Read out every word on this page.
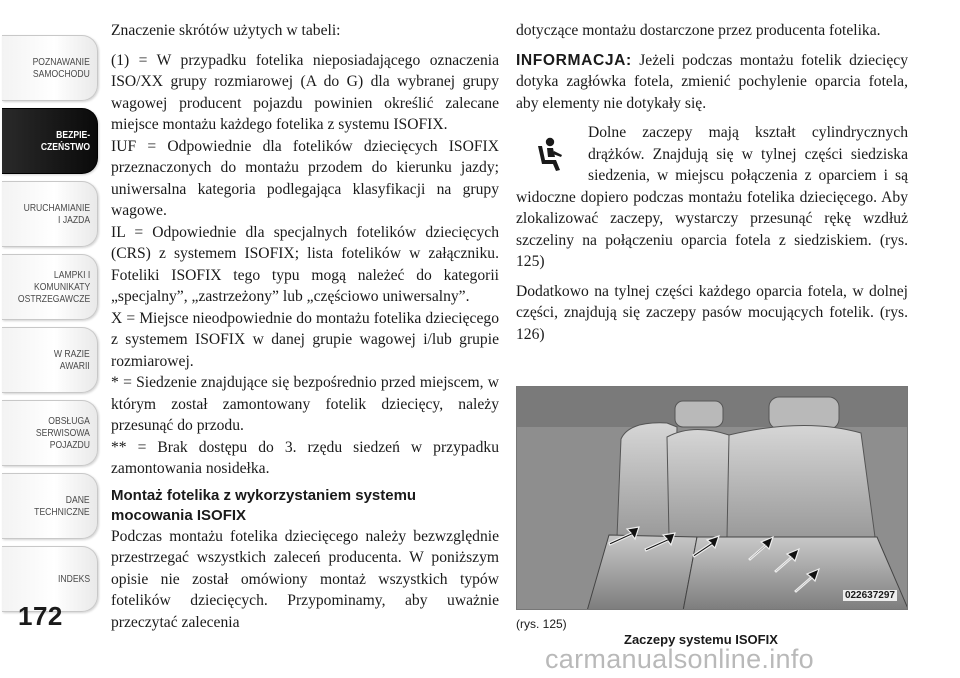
POZNAWANIE
SAMOCHODU
BEZPIE-
CZEŃSTWO
URUCHAMIANIE
I JAZDA
LAMPKI I
KOMUNIKATY
OSTRZEGAWCZE
W RAZIE
AWARII
OBSŁUGA
SERWISOWA
POJAZDU
DANE
TECHNICZNE
INDEKS
172

Znaczenie skrótów użytych w tabeli:

(1) = W przypadku fotelika nieposiadającego oznaczenia ISO/XX grupy rozmiarowej (A do G) dla wybranej grupy wagowej producent pojazdu powinien określić zalecane miejsce montażu każdego fotelika z systemu ISOFIX.

IUF = Odpowiednie dla fotelików dziecięcych ISOFIX przeznaczonych do montażu przodem do kierunku jazdy; uniwersalna kategoria podlegająca klasyfikacji na grupy wagowe.

IL = Odpowiednie dla specjalnych fotelików dziecięcych (CRS) z systemem ISOFIX; lista fotelików w załączniku. Foteliki ISOFIX tego typu mogą należeć do kategorii „specjalny”, „zastrzeżony” lub „częściowo uniwersalny”.

X = Miejsce nieodpowiednie do montażu fotelika dziecięcego z systemem ISOFIX w danej grupie wagowej i/lub grupie rozmiarowej.

* = Siedzenie znajdujące się bezpośrednio przed miejscem, w którym został zamontowany fotelik dziecięcy, należy przesunąć do przodu.

** = Brak dostępu do 3. rzędu siedzeń w przypadku zamontowania nosidełka.

Montaż fotelika z wykorzystaniem systemu mocowania ISOFIX

Podczas montażu fotelika dziecięcego należy bezwzględnie przestrzegać wszystkich zaleceń producenta. W poniższym opisie nie został omówiony montaż wszystkich typów fotelików dziecięcych. Przypominamy, aby uważnie przeczytać zalecenia

dotyczące montażu dostarczone przez producenta fotelika.

INFORMACJA: Jeżeli podczas montażu fotelik dziecięcy dotyka zagłówka fotela, zmienić pochylenie oparcia fotela, aby elementy nie dotykały się.

Dolne zaczepy mają kształt cylindrycznych drążków. Znajdują się w tylnej części siedziska siedzenia, w miejscu połączenia z oparciem i są widoczne dopiero podczas montażu fotelika dziecięcego. Aby zlokalizować zaczepy, wystarczy przesunąć rękę wzdłuż szczeliny na połączeniu oparcia fotela z siedziskiem. (rys. 125)

Dodatkowo na tylnej części każdego oparcia fotela, w dolnej części, znajdują się zaczepy pasów mocujących fotelik. (rys. 126)

022637297
(rys. 125)
Zaczepy systemu ISOFIX
carmanualsonline.info
